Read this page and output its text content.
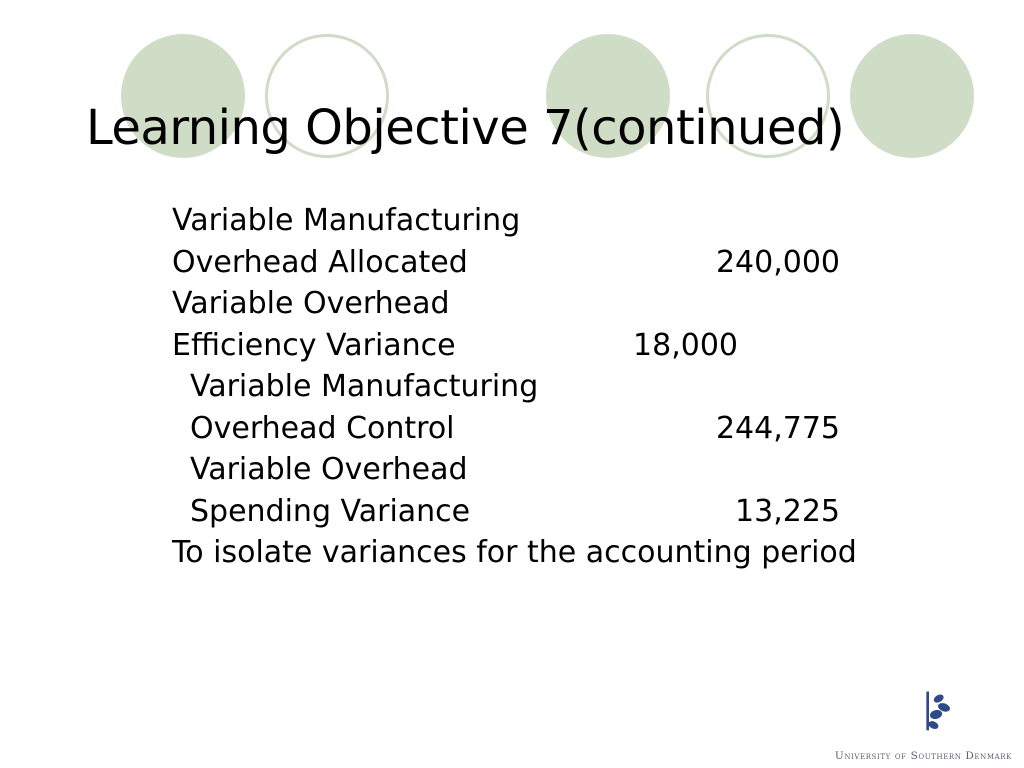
Learning Objective 7(continued)
Variable Manufacturing
Overhead Allocated	240,000
Variable Overhead
Efficiency Variance	18,000
Variable Manufacturing
Overhead Control	244,775
Variable Overhead
Spending Variance	13,225
To isolate variances for the accounting period
University of Southern Denmark
